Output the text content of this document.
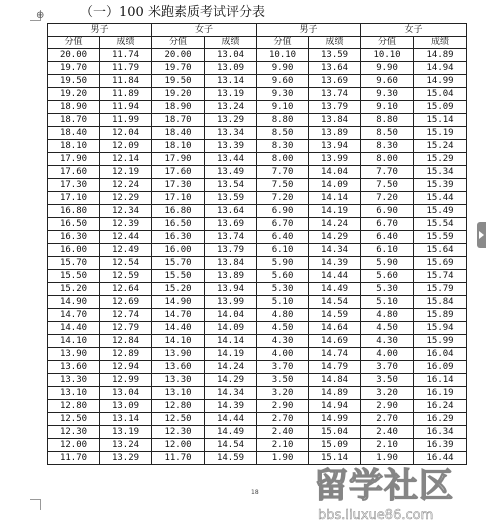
⊕	（一）100 米跑素质考试评分表
男子		女子		男子		女子	
分值	成绩	分值	成绩	分值	成绩	分值	成绩
20.00	11.74	20.00	13.04	10.10	13.59	10.10	14.89
19.70	11.79	19.70	13.09	9.90	13.64	9.90	14.94
19.50	11.84	19.50	13.14	9.60	13.69	9.60	14.99
19.20	11.89	19.20	13.19	9.30	13.74	9.30	15.04
18.90	11.94	18.90	13.24	9.10	13.79	9.10	15.09
18.70	11.99	18.70	13.29	8.80	13.84	8.80	15.14
18.40	12.04	18.40	13.34	8.50	13.89	8.50	15.19
18.10	12.09	18.10	13.39	8.30	13.94	8.30	15.24
17.90	12.14	17.90	13.44	8.00	13.99	8.00	15.29
17.60	12.19	17.60	13.49	7.70	14.04	7.70	15.34
17.30	12.24	17.30	13.54	7.50	14.09	7.50	15.39
17.10	12.29	17.10	13.59	7.20	14.14	7.20	15.44
16.80	12.34	16.80	13.64	6.90	14.19	6.90	15.49
16.50	12.39	16.50	13.69	6.70	14.24	6.70	15.54
16.30	12.44	16.30	13.74	6.40	14.29	6.40	15.59
16.00	12.49	16.00	13.79	6.10	14.34	6.10	15.64
15.70	12.54	15.70	13.84	5.90	14.39	5.90	15.69
15.50	12.59	15.50	13.89	5.60	14.44	5.60	15.74
15.20	12.64	15.20	13.94	5.30	14.49	5.30	15.79
14.90	12.69	14.90	13.99	5.10	14.54	5.10	15.84
14.70	12.74	14.70	14.04	4.80	14.59	4.80	15.89
14.40	12.79	14.40	14.09	4.50	14.64	4.50	15.94
14.10	12.84	14.10	14.14	4.30	14.69	4.30	15.99
13.90	12.89	13.90	14.19	4.00	14.74	4.00	16.04
13.60	12.94	13.60	14.24	3.70	14.79	3.70	16.09
13.30	12.99	13.30	14.29	3.50	14.84	3.50	16.14
13.10	13.04	13.10	14.34	3.20	14.89	3.20	16.19
12.80	13.09	12.80	14.39	2.90	14.94	2.90	16.24
12.50	13.14	12.50	14.44	2.70	14.99	2.70	16.29
12.30	13.19	12.30	14.49	2.40	15.04	2.40	16.34
12.00	13.24	12.00	14.54	2.10	15.09	2.10	16.39
11.70	13.29	11.70	14.59	1.90	15.14	1.90	16.44
18 留学社区
bbs.liuxue86.com
